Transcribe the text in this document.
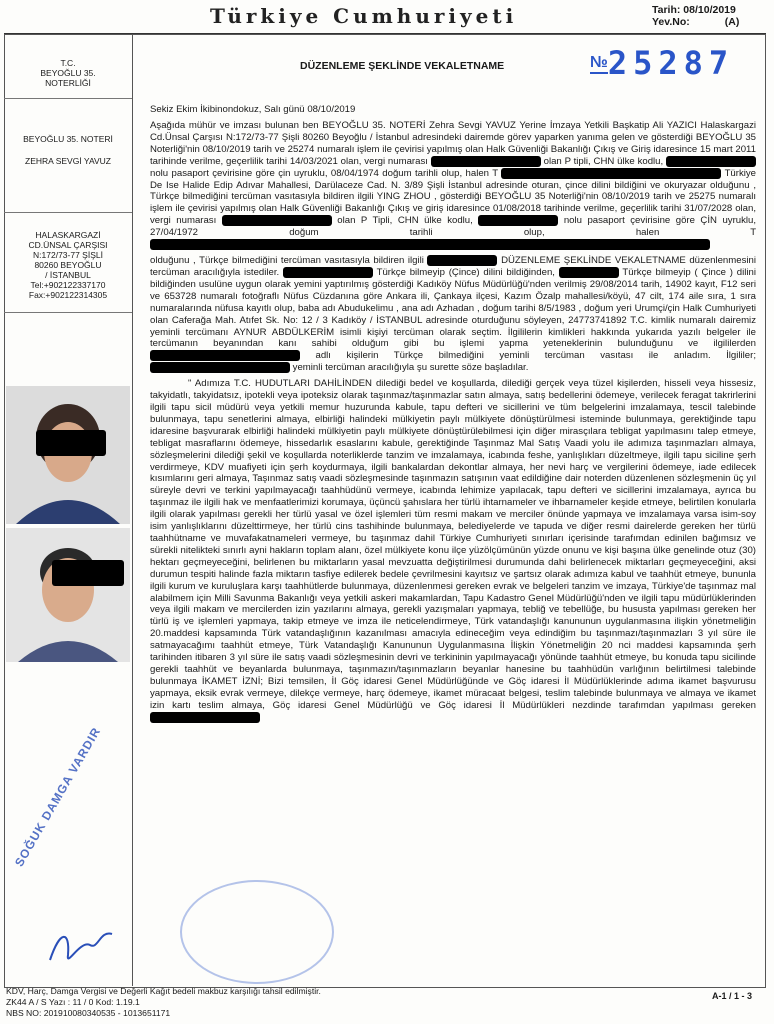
Türkiye Cumhuriyeti	Tarih: 08/10/2019
Yev.No:	(A)
T.C.
BEYOĞLU 35.
NOTERLİĞİ
BEYOĞLU 35. NOTERİ
ZEHRA SEVGİ YAVUZ
HALASKARGAZİ
CD.ÜNSAL ÇARŞISI
N:172/73-77 ŞİŞLİ
80260 BEYOĞLU
/ İSTANBUL
Tel:+902122337170
Fax:+902122314305
SOĞUK DAMGA VARDIR
DÜZENLEME ŞEKLİNDE VEKALETNAME	№25287

Sekiz Ekim İkibinondokuz, Salı günü 08/10/2019

Aşağıda mühür ve imzası bulunan ben BEYOĞLU 35. NOTERİ Zehra Sevgi YAVUZ Yerine İmzaya Yetkili Başkatip Ali YAZICI Halaskargazi Cd.Ünsal Çarşısı N:172/73-77 Şişli 80260 Beyoğlu / İstanbul adresindeki dairemde görev yaparken yanıma gelen ve gösterdiği BEYOĞLU 35 Noterliği'nin 08/10/2019 tarih ve 25274 numaralı işlem ile çevirisi yapılmış olan Halk Güvenliği Bakanlığı Çıkış ve Giriş idaresince 15 mart 2011 tarihinde verilme, geçerlilik tarihi 14/03/2021 olan, vergi numarası	olan P tipli, CHN ülke kodlu,  nolu pasaport çevirisine göre çin uyruklu, 08/04/1974 doğum tarihli olup, halen T	Türkiye De Ise Halide Edip Adıvar Mahallesi, Darülaceze Cad. N. 3/89 Şişli İstanbul adresinde oturan, çince dilini bildiğini ve okuryazar olduğunu , Türkçe bilmediğini tercüman vasıtasıyla bildiren ilgili YING ZHOU , gösterdiği BEYOĞLU 35 Noterliği'nin 08/10/2019 tarih ve 25275 numaralı işlem ile çevirisi yapılmış olan Halk Güvenliği Bakanlığı Çıkış ve giriş idaresince 01/08/2018 tarihinde verilme, geçerlilik tarihi 31/07/2028 olan, vergi numarası	olan P Tipli, CHN ülke kodlu,	nolu pasaport çevirisine göre ÇİN uyruklu, 27/04/1972 doğum tarihli olup, halen T

olduğunu , Türkçe bilmediğini tercüman vasıtasıyla bildiren ilgili	DÜZENLEME ŞEKLİNDE VEKALETNAME düzenlenmesini tercüman aracılığıyla istediler.	Türkçe bilmeyip (Çince) dilini bildiğinden,	Türkçe bilmeyip ( Çince ) dilini bildiğinden usulüne uygun olarak yemini yaptırılmış gösterdiği Kadıköy Nüfus Müdürlüğü'nden verilmiş 29/08/2014 tarih, 14902 kayıt, F12 seri ve 653728 numaralı fotoğraflı Nüfus Cüzdanına göre Ankara ili, Çankaya ilçesi, Kazım Özalp mahallesi/köyü, 47 cilt, 174 aile sıra, 1 sıra numaralarında nüfusa kayıtlı olup, baba adı Abudukelimu , ana adı Azhadan , doğum tarihi 8/5/1983 , doğum yeri Urumçi/çin Halk Cumhuriyeti olan Caferağa Mah. Atıfet Sk. No: 12 / 3 Kadıköy / İSTANBUL adresinde oturduğunu söyleyen, 24773741892 T.C. kimlik numaralı dairemiz yeminli tercümanı AYNUR ABDÜLKERİM isimli kişiyi tercüman olarak seçtim. İlgililerin kimlikleri hakkında yukarıda yazılı belgeler ile tercümanın beyanından kanı sahibi olduğum gibi bu işlemi yapma yeteneklerinin bulunduğunu ve ilgililerden  adlı kişilerin Türkçe bilmediğini yeminli tercüman vasıtası ile anladım. İlgililer;  yeminli tercüman aracılığıyla şu surette söze başladılar.

" Adımıza T.C. HUDUTLARI DAHİLİNDEN dilediği bedel ve koşullarda, dilediği gerçek veya tüzel kişilerden, hisseli veya hissesiz, takyidatlı, takyidatsız, ipotekli veya ipoteksiz olarak taşınmaz/taşınmazlar satın almaya, satış bedellerini ödemeye, verilecek feragat takrirlerini ilgili tapu sicil müdürü veya yetkili memur huzurunda kabule, tapu defteri ve sicillerini ve tüm belgelerini imzalamaya, tescil talebinde bulunmaya, tapu senetlerini almaya, elbirliği halindeki mülkiyetin paylı mülkiyete dönüştürülmesi isteminde bulunmaya, gerektiğinde tapu idaresine başvurarak elbirliği halindeki mülkiyetin paylı mülkiyete dönüştürülebilmesi için diğer mirasçılara tebligat yapılmasını talep etmeye, tebligat masraflarını ödemeye, hissedarlık esaslarını kabule, gerektiğinde Taşınmaz Mal Satış Vaadi yolu ile adımıza taşınmazları almaya, sözleşmelerini dilediği şekil ve koşullarda noterliklerde tanzim ve imzalamaya, icabında feshe, yanlışlıkları düzeltmeye, ilgili tapu siciline şerh verdirmeye, KDV muafiyeti için şerh koydurmaya, ilgili bankalardan dekontlar almaya, her nevi harç ve vergilerini ödemeye, iade edilecek kısımlarını geri almaya, Taşınmaz satış vaadi sözleşmesinde taşınmazın satışının vaat edildiğine dair noterden düzenlenen sözleşmenin üç yıl süreyle devri ve terkini yapılmayacağı taahhüdünü vermeye, icabında lehimize yapılacak, tapu defteri ve sicillerini imzalamaya, ayrıca bu taşınmaz ile ilgili hak ve menfaatlerimizi korumaya, üçüncü şahıslara her türlü ihtarnameler ve ihbarnameler keşide etmeye, belirtilen konularla ilgili olarak yapılması gerekli her türlü yasal ve özel işlemleri tüm resmi makam ve merciler önünde yapmaya ve imzalamaya varsa isim-soy isim yanlışlıklarını düzelttirmeye, her türlü cins tashihinde bulunmaya, belediyelerde ve tapuda ve diğer resmi dairelerde gereken her türlü taahhütname ve muvafakatnameleri vermeye, bu taşınmaz dahil Türkiye Cumhuriyeti sınırları içerisinde tarafımdan edinilen bağımsız ve sürekli nitelikteki sınırlı ayni hakların toplam alanı, özel mülkiyete konu ilçe yüzölçümünün yüzde onunu ve kişi başına ülke genelinde otuz (30) hektarı geçmeyeceğini, belirlenen bu miktarların yasal mevzuatta değiştirilmesi durumunda dahi belirlenecek miktarları geçmeyeceğini, aksi durumun tespiti halinde fazla miktarın tasfiye edilerek bedele çevrilmesini kayıtsız ve şartsız olarak adımıza kabul ve taahhüt etmeye, bununla ilgili kurum ve kuruluşlara karşı taahhütlerde bulunmaya, düzenlenmesi gereken evrak ve belgeleri tanzim ve imzaya, Türkiye'de taşınmaz mal alabilmem için Milli Savunma Bakanlığı veya yetkili askeri makamlardan, Tapu Kadastro Genel Müdürlüğü'nden ve ilgili tapu müdürlüklerinden veya ilgili makam ve mercilerden izin yazılarını almaya, gerekli yazışmaları yapmaya, tebliğ ve tebellüğe, bu hususta yapılması gereken her türlü iş ve işlemleri yapmaya, takip etmeye ve imza ile neticelendirmeye, Türk vatandaşlığı kanununun uygulanmasına ilişkin yönetmeliğin 20.maddesi kapsamında Türk vatandaşlığının kazanılması amacıyla edineceğim veya edindiğim bu taşınmazı/taşınmazları 3 yıl süre ile satmayacağımı taahhüt etmeye, Türk Vatandaşlığı Kanununun Uygulanmasına İlişkin Yönetmeliğin 20 nci maddesi kapsamında şerh tarihinden itibaren 3 yıl süre ile satış vaadi sözleşmesinin devri ve terkininin yapılmayacağı yönünde taahhüt etmeye, bu konuda tapu sicilinde gerekli taahhüt ve beyanlarda bulunmaya, taşınmazın/taşınmazların beyanlar hanesine bu taahhüdün varlığının belirtilmesi talebinde bulunmaya İKAMET İZNİ; Bizi temsilen, İl Göç idaresi Genel Müdürlüğünde ve Göç idaresi İl Müdürlüklerinde adıma ikamet başvurusu yapmaya, eksik evrak vermeye, dilekçe vermeye, harç ödemeye, ikamet müracaat belgesi, teslim talebinde bulunmaya ve almaya ve ikamet izin kartı teslim almaya, Göç idaresi Genel Müdürlüğü ve Göç idaresi İl Müdürlükleri nezdinde tarafımdan yapılması gereken

KDV, Harç, Damga Vergisi ve Değerli Kağıt bedeli makbuz karşılığı tahsil edilmiştir.
ZK44 A / S Yazı : 11 / 0 Kod: 1.19.1
NBS NO: 201910080340535 - 1013651171
A-1 / 1 - 3
